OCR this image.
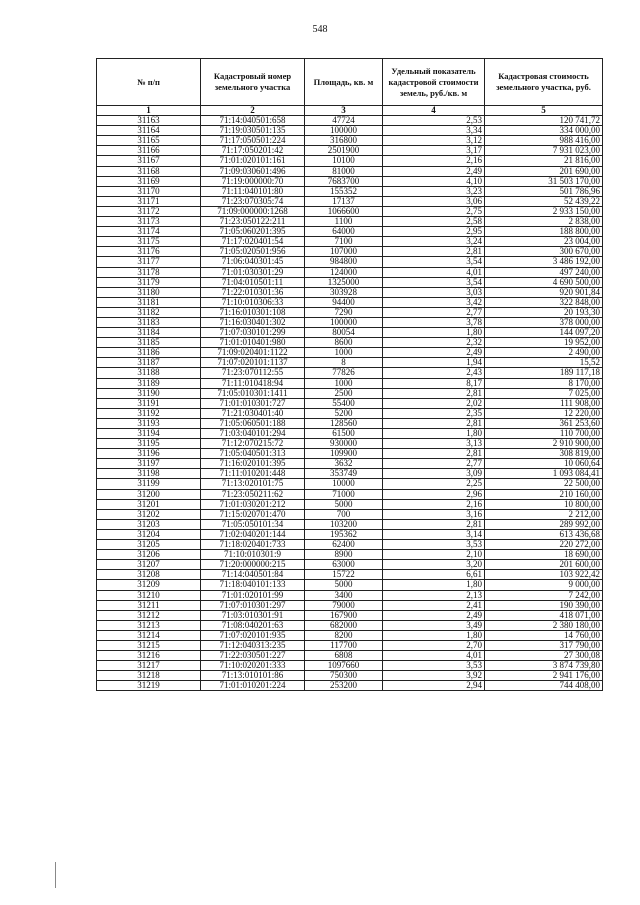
548
№ п/п	Кадастровый номер земельного участка	Площадь, кв. м	Удельный показатель кадастровой стоимости земель, руб./кв. м	Кадастровая стоимость земельного участка, руб.
1	2	3	4	5
31163	71:14:040501:658	47724	2,53	120 741,72
31164	71:19:030501:135	100000	3,34	334 000,00
31165	71:17:050501:224	316800	3,12	988 416,00
31166	71:17:050201:42	2501900	3,17	7 931 023,00
31167	71:01:020101:161	10100	2,16	21 816,00
31168	71:09:030601:496	81000	2,49	201 690,00
31169	71:19:000000:70	7683700	4,10	31 503 170,00
31170	71:11:040101:80	155352	3,23	501 786,96
31171	71:23:070305:74	17137	3,06	52 439,22
31172	71:09:000000:1268	1066600	2,75	2 933 150,00
31173	71:23:050122:211	1100	2,58	2 838,00
31174	71:05:060201:395	64000	2,95	188 800,00
31175	71:17:020401:54	7100	3,24	23 004,00
31176	71:05:020501:956	107000	2,81	300 670,00
31177	71:06:040301:45	984800	3,54	3 486 192,00
31178	71:01:030301:29	124000	4,01	497 240,00
31179	71:04:010501:11	1325000	3,54	4 690 500,00
31180	71:22:010301:36	303928	3,03	920 901,84
31181	71:10:010306:33	94400	3,42	322 848,00
31182	71:16:010301:108	7290	2,77	20 193,30
31183	71:16:030401:302	100000	3,78	378 000,00
31184	71:07:030101:299	80054	1,80	144 097,20
31185	71:01:010401:980	8600	2,32	19 952,00
31186	71:09:020401:1122	1000	2,49	2 490,00
31187	71:07:020101:1137	8	1,94	15,52
31188	71:23:070112:55	77826	2,43	189 117,18
31189	71:11:010418:94	1000	8,17	8 170,00
31190	71:05:010301:1411	2500	2,81	7 025,00
31191	71:01:010301:727	55400	2,02	111 908,00
31192	71:21:030401:40	5200	2,35	12 220,00
31193	71:05:060501:188	128560	2,81	361 253,60
31194	71:03:040101:294	61500	1,80	110 700,00
31195	71:12:070215:72	930000	3,13	2 910 900,00
31196	71:05:040501:313	109900	2,81	308 819,00
31197	71:16:020101:395	3632	2,77	10 060,64
31198	71:11:010201:448	353749	3,09	1 093 084,41
31199	71:13:020101:75	10000	2,25	22 500,00
31200	71:23:050211:62	71000	2,96	210 160,00
31201	71:01:030201:212	5000	2,16	10 800,00
31202	71:15:020701:470	700	3,16	2 212,00
31203	71:05:050101:34	103200	2,81	289 992,00
31204	71:02:040201:144	195362	3,14	613 436,68
31205	71:18:020401:733	62400	3,53	220 272,00
31206	71:10:010301:9	8900	2,10	18 690,00
31207	71:20:000000:215	63000	3,20	201 600,00
31208	71:14:040501:84	15722	6,61	103 922,42
31209	71:18:040101:133	5000	1,80	9 000,00
31210	71:01:020101:99	3400	2,13	7 242,00
31211	71:07:010301:297	79000	2,41	190 390,00
31212	71:03:010301:91	167900	2,49	418 071,00
31213	71:08:040201:63	682000	3,49	2 380 180,00
31214	71:07:020101:935	8200	1,80	14 760,00
31215	71:12:040313:235	117700	2,70	317 790,00
31216	71:22:030501:227	6808	4,01	27 300,08
31217	71:10:020201:333	1097660	3,53	3 874 739,80
31218	71:13:010101:86	750300	3,92	2 941 176,00
31219	71:01:010201:224	253200	2,94	744 408,00
